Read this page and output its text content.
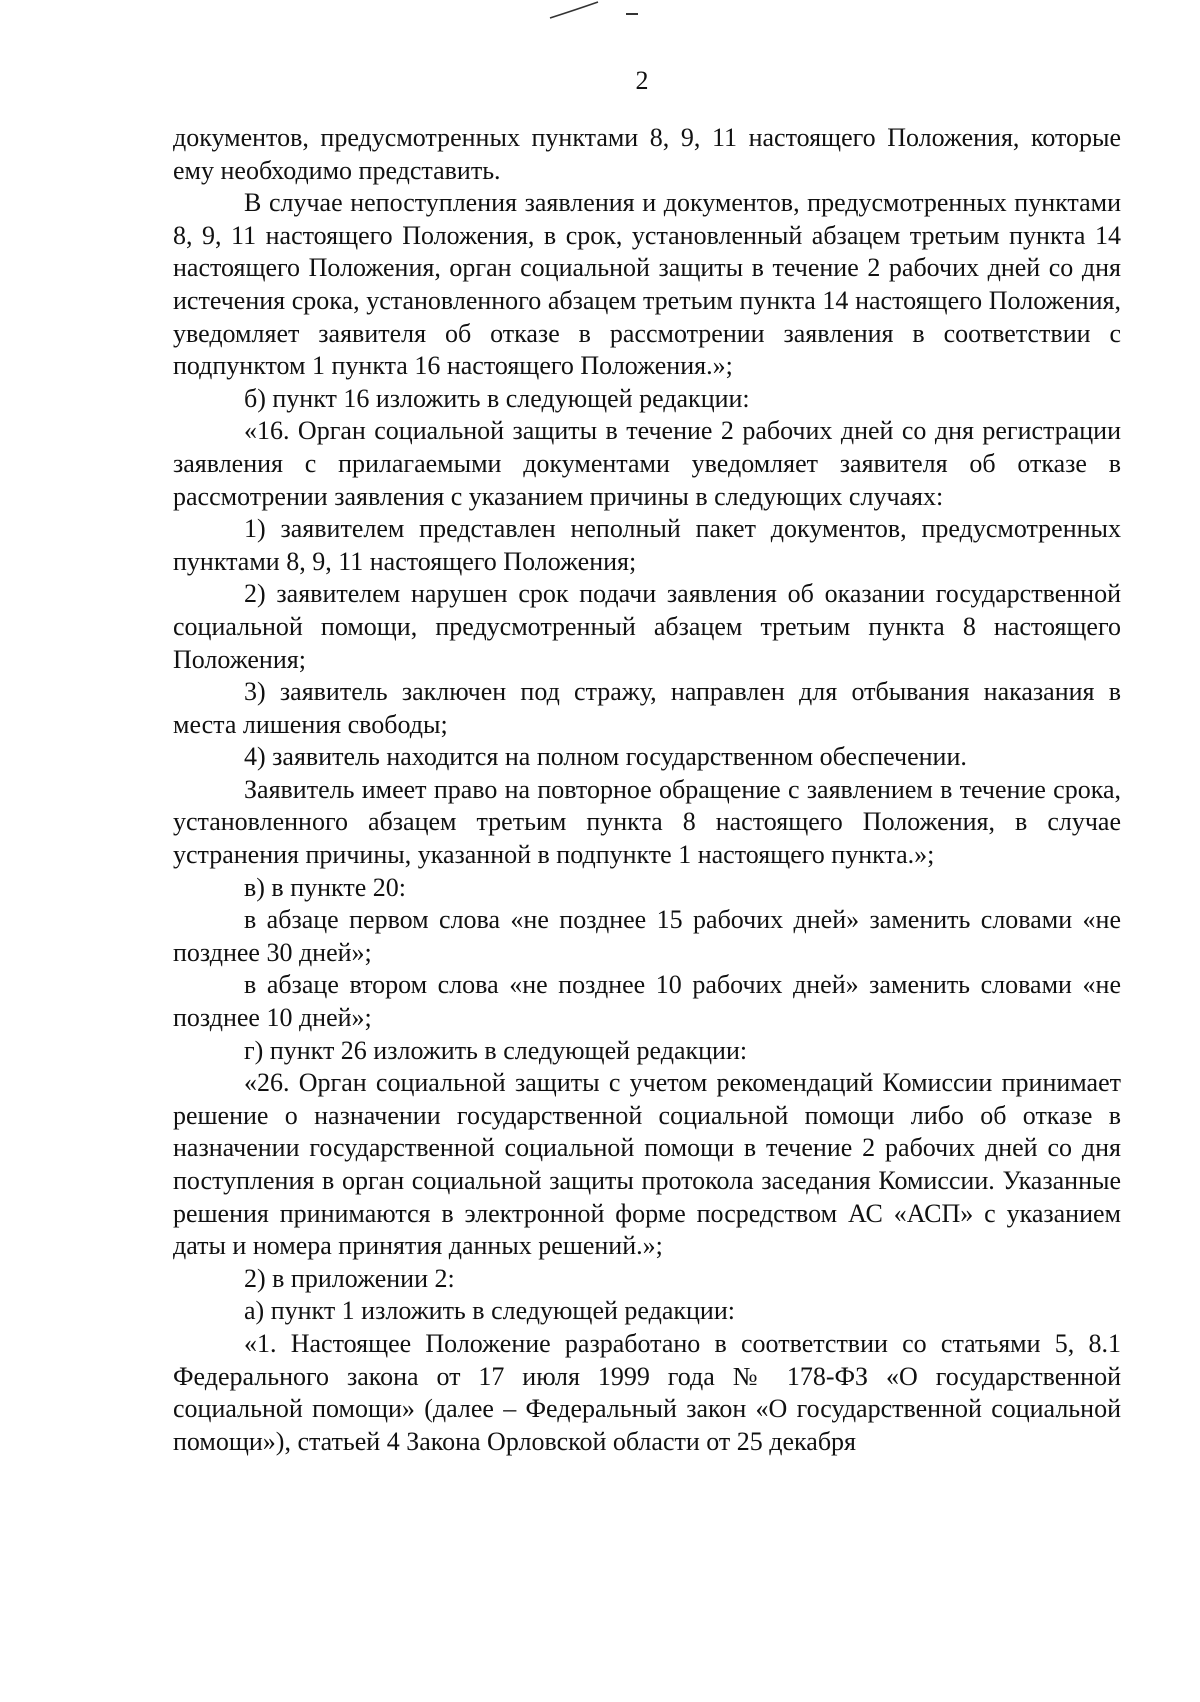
2

документов, предусмотренных пунктами 8, 9, 11 настоящего Положения, которые ему необходимо представить.

В случае непоступления заявления и документов, предусмотренных пунктами 8, 9, 11 настоящего Положения, в срок, установленный абзацем третьим пункта 14 настоящего Положения, орган социальной защиты в течение 2 рабочих дней со дня истечения срока, установленного абзацем третьим пункта 14 настоящего Положения, уведомляет заявителя об отказе в рассмотрении заявления в соответствии с подпунктом 1 пункта 16 настоящего Положения.»;

б) пункт 16 изложить в следующей редакции:

«16. Орган социальной защиты в течение 2 рабочих дней со дня регистрации заявления с прилагаемыми документами уведомляет заявителя об отказе в рассмотрении заявления с указанием причины в следующих случаях:

1) заявителем представлен неполный пакет документов, предусмотренных пунктами 8, 9, 11 настоящего Положения;

2) заявителем нарушен срок подачи заявления об оказании государственной социальной помощи, предусмотренный абзацем третьим пункта 8 настоящего Положения;

3) заявитель заключен под стражу, направлен для отбывания наказания в места лишения свободы;

4) заявитель находится на полном государственном обеспечении.

Заявитель имеет право на повторное обращение с заявлением в течение срока, установленного абзацем третьим пункта 8 настоящего Положения, в случае устранения причины, указанной в подпункте 1 настоящего пункта.»;

в) в пункте 20:

в абзаце первом слова «не позднее 15 рабочих дней» заменить словами «не позднее 30 дней»;

в абзаце втором слова «не позднее 10 рабочих дней» заменить словами «не позднее 10 дней»;

г) пункт 26 изложить в следующей редакции:

«26. Орган социальной защиты с учетом рекомендаций Комиссии принимает решение о назначении государственной социальной помощи либо об отказе в назначении государственной социальной помощи в течение 2 рабочих дней со дня поступления в орган социальной защиты протокола заседания Комиссии. Указанные решения принимаются в электронной форме посредством АС «АСП» с указанием даты и номера принятия данных решений.»;

2) в приложении 2:

а) пункт 1 изложить в следующей редакции:

«1. Настоящее Положение разработано в соответствии со статьями 5, 8.1 Федерального закона от 17 июля 1999 года № 178-ФЗ «О государственной социальной помощи» (далее – Федеральный закон «О государственной социальной помощи»), статьей 4 Закона Орловской области от 25 декабря
